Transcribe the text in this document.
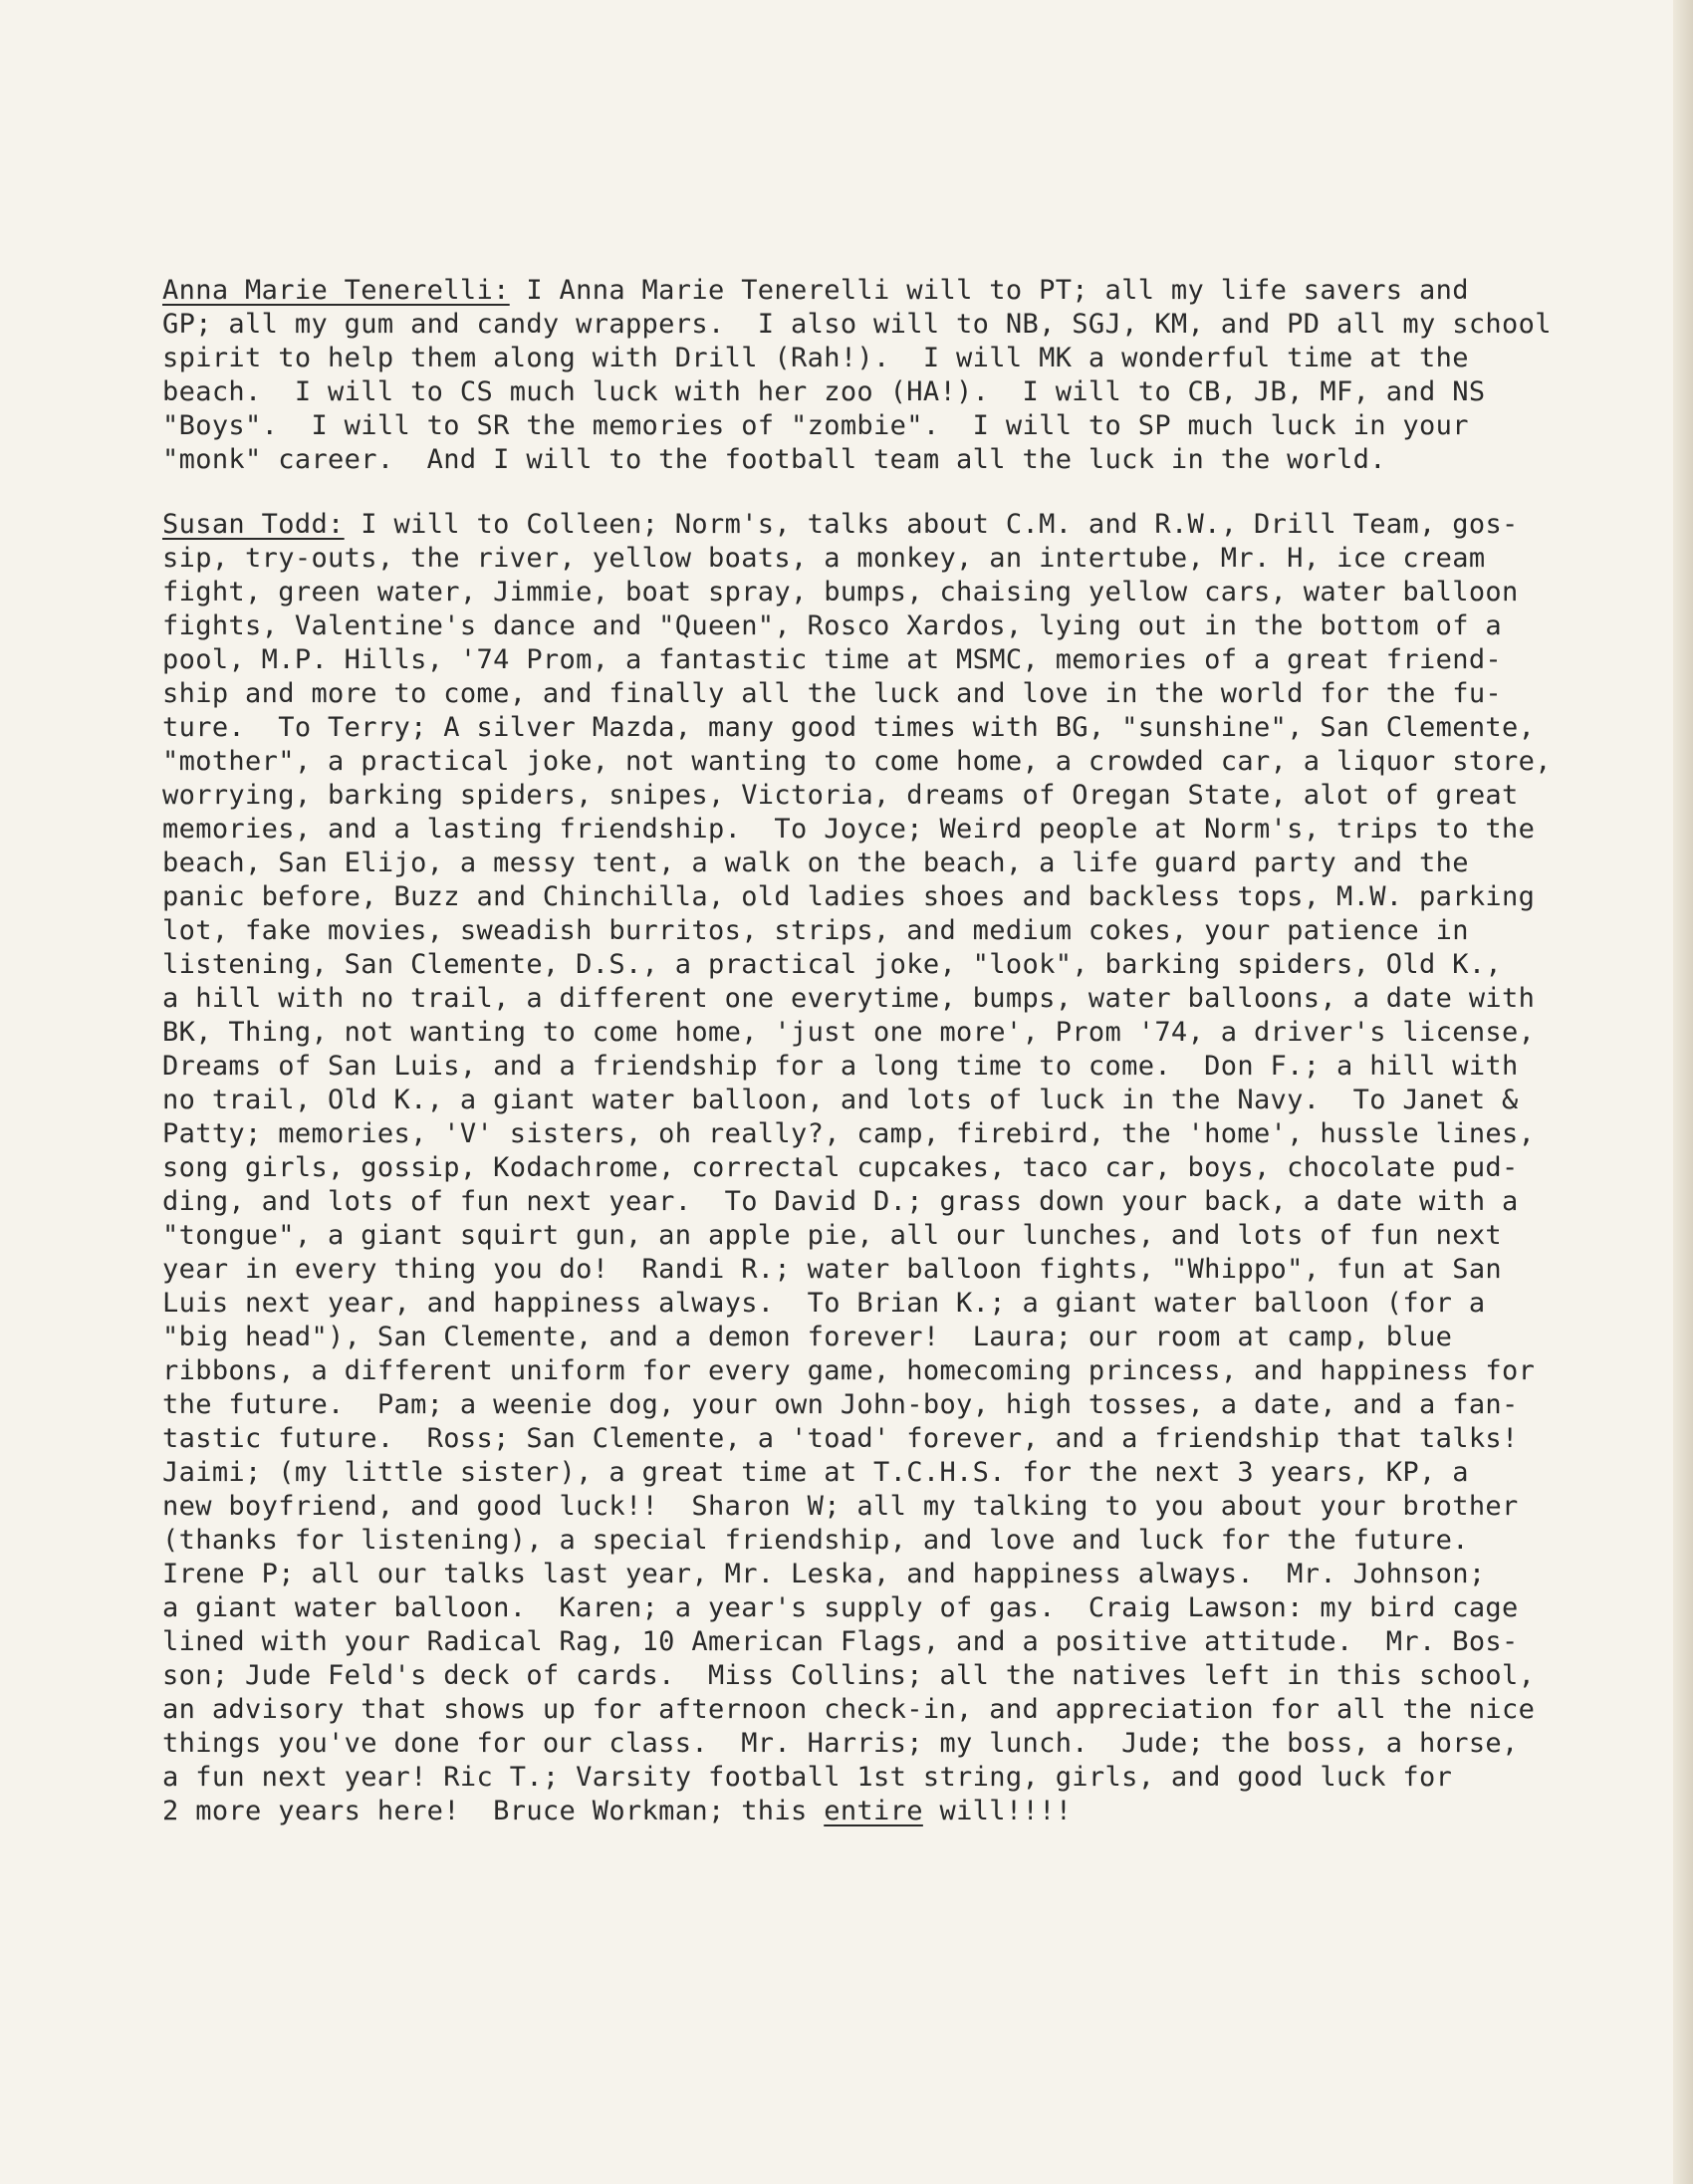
Anna Marie Tenerelli: I Anna Marie Tenerelli will to PT; all my life savers and
GP; all my gum and candy wrappers.  I also will to NB, SGJ, KM, and PD all my school
spirit to help them along with Drill (Rah!).  I will MK a wonderful time at the
beach.  I will to CS much luck with her zoo (HA!).  I will to CB, JB, MF, and NS
"Boys".  I will to SR the memories of "zombie".  I will to SP much luck in your
"monk" career.  And I will to the football team all the luck in the world.
Susan Todd: I will to Colleen; Norm's, talks about C.M. and R.W., Drill Team, gos-
sip, try-outs, the river, yellow boats, a monkey, an intertube, Mr. H, ice cream
fight, green water, Jimmie, boat spray, bumps, chaising yellow cars, water balloon
fights, Valentine's dance and "Queen", Rosco Xardos, lying out in the bottom of a
pool, M.P. Hills, '74 Prom, a fantastic time at MSMC, memories of a great friend-
ship and more to come, and finally all the luck and love in the world for the fu-
ture.  To Terry; A silver Mazda, many good times with BG, "sunshine", San Clemente,
"mother", a practical joke, not wanting to come home, a crowded car, a liquor store,
worrying, barking spiders, snipes, Victoria, dreams of Oregan State, alot of great
memories, and a lasting friendship.  To Joyce; Weird people at Norm's, trips to the
beach, San Elijo, a messy tent, a walk on the beach, a life guard party and the
panic before, Buzz and Chinchilla, old ladies shoes and backless tops, M.W. parking
lot, fake movies, sweadish burritos, strips, and medium cokes, your patience in
listening, San Clemente, D.S., a practical joke, "look", barking spiders, Old K.,
a hill with no trail, a different one everytime, bumps, water balloons, a date with
BK, Thing, not wanting to come home, 'just one more', Prom '74, a driver's license,
Dreams of San Luis, and a friendship for a long time to come.  Don F.; a hill with
no trail, Old K., a giant water balloon, and lots of luck in the Navy.  To Janet &
Patty; memories, 'V' sisters, oh really?, camp, firebird, the 'home', hussle lines,
song girls, gossip, Kodachrome, correctal cupcakes, taco car, boys, chocolate pud-
ding, and lots of fun next year.  To David D.; grass down your back, a date with a
"tongue", a giant squirt gun, an apple pie, all our lunches, and lots of fun next
year in every thing you do!  Randi R.; water balloon fights, "Whippo", fun at San
Luis next year, and happiness always.  To Brian K.; a giant water balloon (for a
"big head"), San Clemente, and a demon forever!  Laura; our room at camp, blue
ribbons, a different uniform for every game, homecoming princess, and happiness for
the future.  Pam; a weenie dog, your own John-boy, high tosses, a date, and a fan-
tastic future.  Ross; San Clemente, a 'toad' forever, and a friendship that talks!
Jaimi; (my little sister), a great time at T.C.H.S. for the next 3 years, KP, a
new boyfriend, and good luck!!  Sharon W; all my talking to you about your brother
(thanks for listening), a special friendship, and love and luck for the future.
Irene P; all our talks last year, Mr. Leska, and happiness always.  Mr. Johnson;
a giant water balloon.  Karen; a year's supply of gas.  Craig Lawson: my bird cage
lined with your Radical Rag, 10 American Flags, and a positive attitude.  Mr. Bos-
son; Jude Feld's deck of cards.  Miss Collins; all the natives left in this school,
an advisory that shows up for afternoon check-in, and appreciation for all the nice
things you've done for our class.  Mr. Harris; my lunch.  Jude; the boss, a horse,
a fun next year! Ric T.; Varsity football 1st string, girls, and good luck for
2 more years here!  Bruce Workman; this entire will!!!!
